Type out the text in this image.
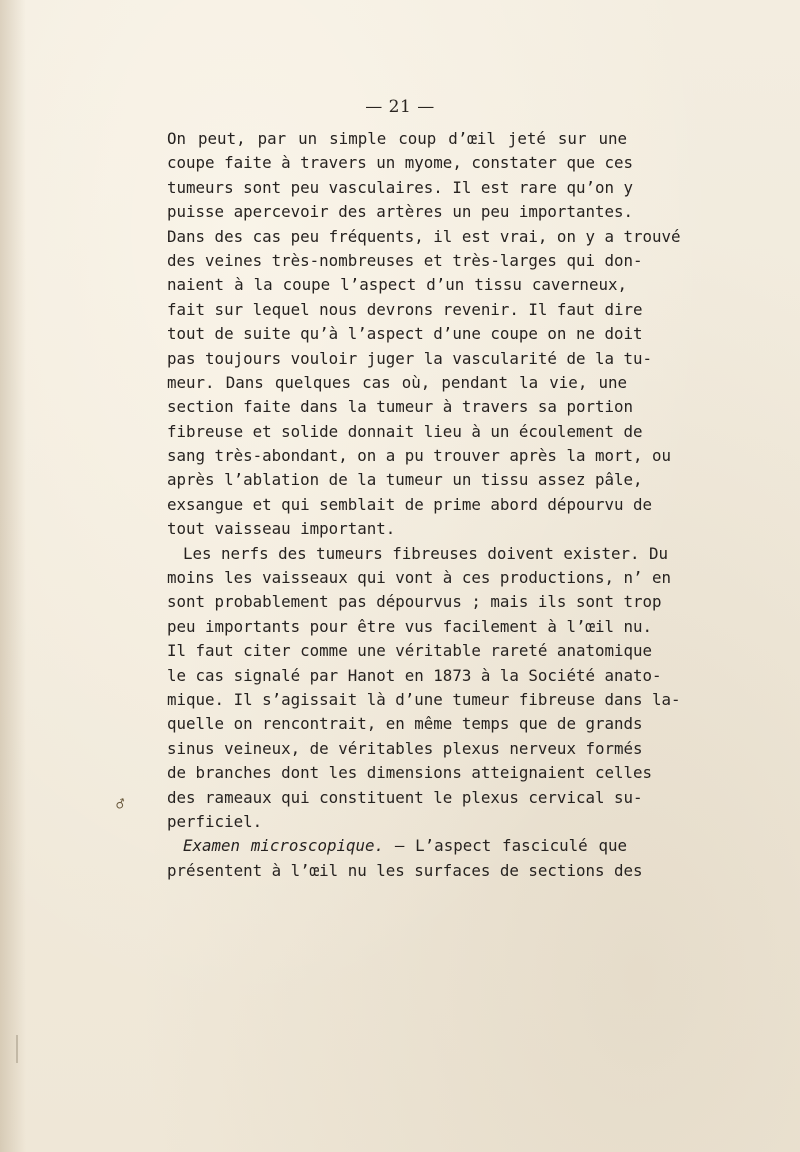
— 21 —
On peut, par un simple coup d’œil jeté sur une
coupe faite à travers un myome, constater que ces
tumeurs sont peu vasculaires. Il est rare qu’on y
puisse apercevoir des artères un peu importantes.
Dans des cas peu fréquents, il est vrai, on y a trouvé
des veines très-nombreuses et très-larges qui don-
naient à la coupe l’aspect d’un tissu caverneux,
fait sur lequel nous devrons revenir. Il faut dire
tout de suite qu’à l’aspect d’une coupe on ne doit
pas toujours vouloir juger la vascularité de la tu-
meur. Dans quelques cas où, pendant la vie, une
section faite dans la tumeur à travers sa portion
fibreuse et solide donnait lieu à un écoulement de
sang très-abondant, on a pu trouver après la mort, ou
après l’ablation de la tumeur un tissu assez pâle,
exsangue et qui semblait de prime abord dépourvu de
tout vaisseau important.
Les nerfs des tumeurs fibreuses doivent exister. Du
moins les vaisseaux qui vont à ces productions, n’ en
sont probablement pas dépourvus ; mais ils sont trop
peu importants pour être vus facilement à l’œil nu.
Il faut citer comme une véritable rareté anatomique
le cas signalé par Hanot en 1873 à la Société anato-
mique. Il s’agissait là d’une tumeur fibreuse dans la-
quelle on rencontrait, en même temps que de grands
sinus veineux, de véritables plexus nerveux formés
de branches dont les dimensions atteignaient celles
des rameaux qui constituent le plexus cervical su-
perficiel.
Examen microscopique. — L’aspect fasciculé que
présentent à l’œil nu les surfaces de sections des
♂
